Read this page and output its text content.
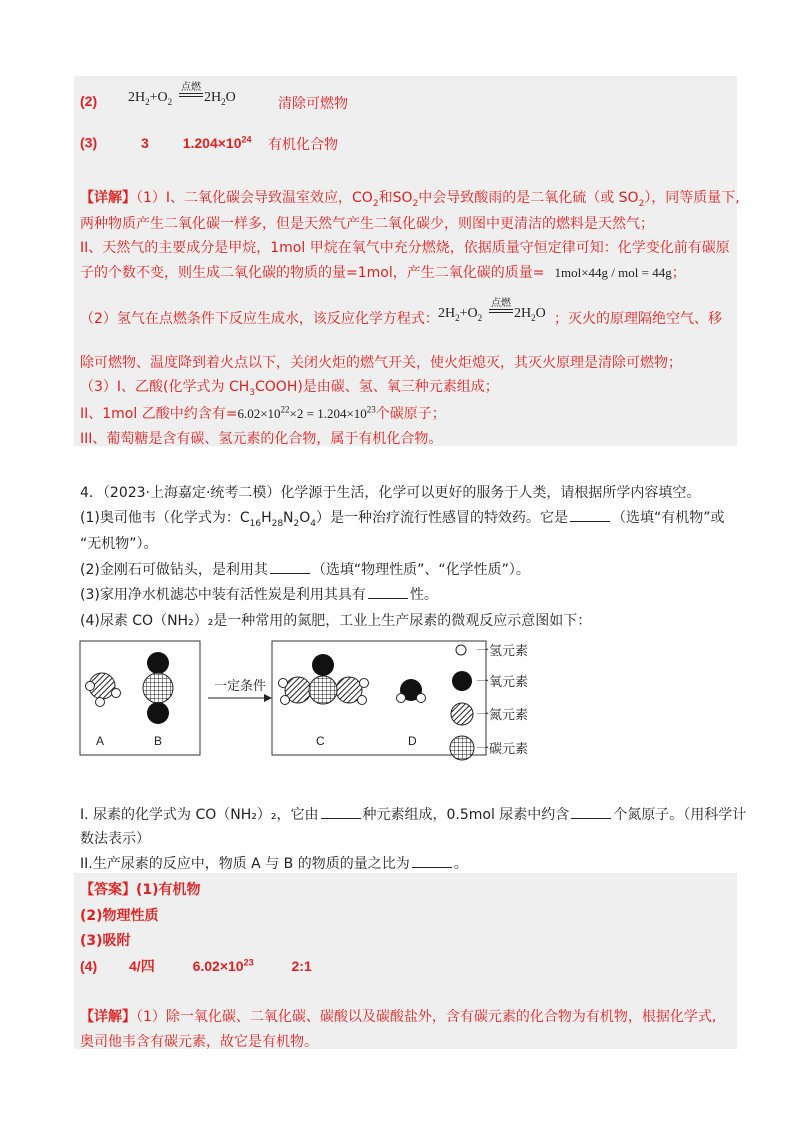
(2) $2H_2+O_2$
点燃
$2H_2O$	清除可燃物
(3)	3 $1.204\times 10^{24}$ 有机化合物
【详解】（1）I、二氧化碳会导致温室效应，$CO_2$和$SO_2$中会导致酸雨的是二氧化硫（或 $SO_2$），同等质量下,
两种物质产生二氧化碳一样多，但是天然气产生二氧化碳少，则图中更清洁的燃料是天然气；
II、天然气的主要成分是甲烷，1mol 甲烷在氧气中充分燃烧，依据质量守恒定律可知：化学变化前有碳原
子的个数不变，则生成二氧化碳的物质的量=1mol，产生二氧化碳的质量= 1mol×44g / mol = 44g；
（2）氢气在点燃条件下反应生成水，该反应化学方程式： $2H_2+O_2$
点燃
$2H_2O$ ；灭火的原理隔绝空气、移
除可燃物、温度降到着火点以下，关闭火炬的燃气开关，使火炬熄灭，其灭火原理是清除可燃物；
（3）I、乙酸(化学式为 $CH_3COOH$)是由碳、氢、氧三种元素组成；
II、1mol 乙酸中约含有$=6.02\times 10^{22}\times 2 = 1.204\times 10^{23}$个碳原子；
III、葡萄糖是含有碳、氢元素的化合物，属于有机化合物。
4．（2023·上海嘉定·统考二模）化学源于生活，化学可以更好的服务于人类，请根据所学内容填空。
(1)奥司他韦（化学式为：$C_{16}H_{28}N_2O_4$）是一种治疗流行性感冒的特效药。它是	（选填“有机物”或
“无机物”）。
(2)金刚石可做钻头，是利用其	（选填“物理性质”、“化学性质”）。
(3)家用净水机滤芯中装有活性炭是利用其具有	性。
(4)尿素 CO（NH₂）₂是一种常用的氮肥，工业上生产尿素的微观反应示意图如下：
A	B
一定条件
C	D
一氢元素
一氧元素
一氮元素
一碳元素
I. 尿素的化学式为 CO（NH₂）₂，它由	种元素组成，0.5mol 尿素中约含	个氮原子。（用科学计
数法表示）
II.生产尿素的反应中，物质 A 与 B 的物质的量之比为	。
【答案】(1)有机物
(2)物理性质
(3)吸附
(4) 4/四	$6.02\times 10^{23}$	2:1
【详解】（1）除一氧化碳、二氧化碳、碳酸以及碳酸盐外，含有碳元素的化合物为有机物，根据化学式,
奥司他韦含有碳元素，故它是有机物。
